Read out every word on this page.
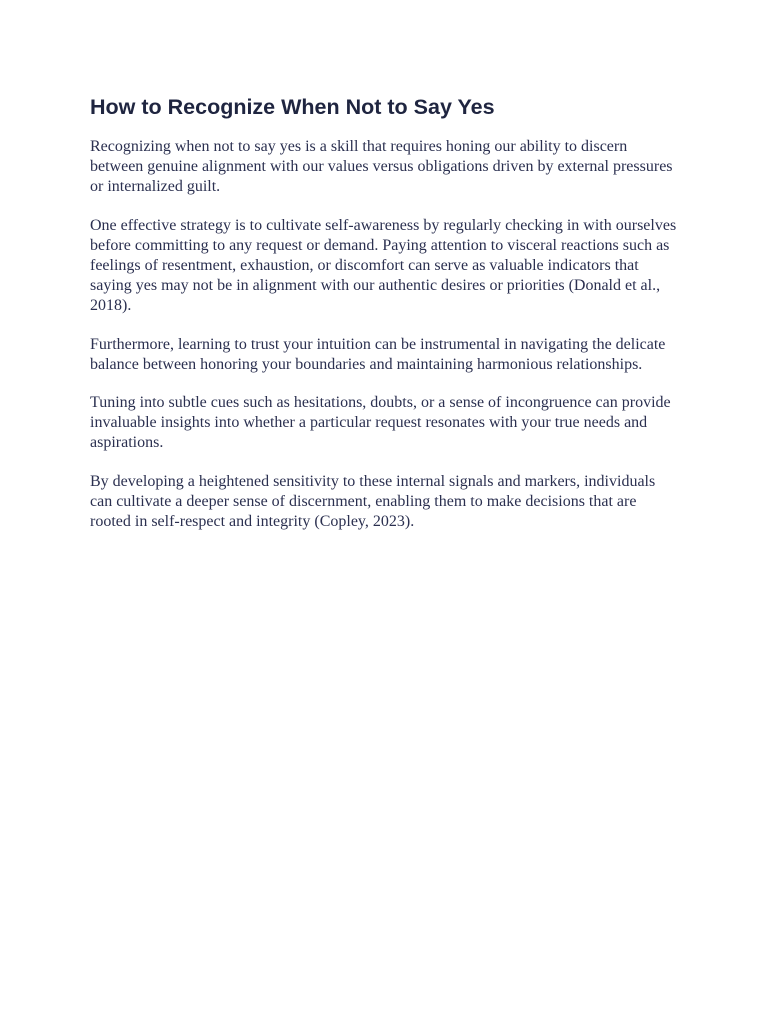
How to Recognize When Not to Say Yes

Recognizing when not to say yes is a skill that requires honing our ability to discern between genuine alignment with our values versus obligations driven by external pressures or internalized guilt.

One effective strategy is to cultivate self-awareness by regularly checking in with ourselves before committing to any request or demand. Paying attention to visceral reactions such as feelings of resentment, exhaustion, or discomfort can serve as valuable indicators that saying yes may not be in alignment with our authentic desires or priorities (Donald et al., 2018).

Furthermore, learning to trust your intuition can be instrumental in navigating the delicate balance between honoring your boundaries and maintaining harmonious relationships.

Tuning into subtle cues such as hesitations, doubts, or a sense of incongruence can provide invaluable insights into whether a particular request resonates with your true needs and aspirations.

By developing a heightened sensitivity to these internal signals and markers, individuals can cultivate a deeper sense of discernment, enabling them to make decisions that are rooted in self-respect and integrity (Copley, 2023).
